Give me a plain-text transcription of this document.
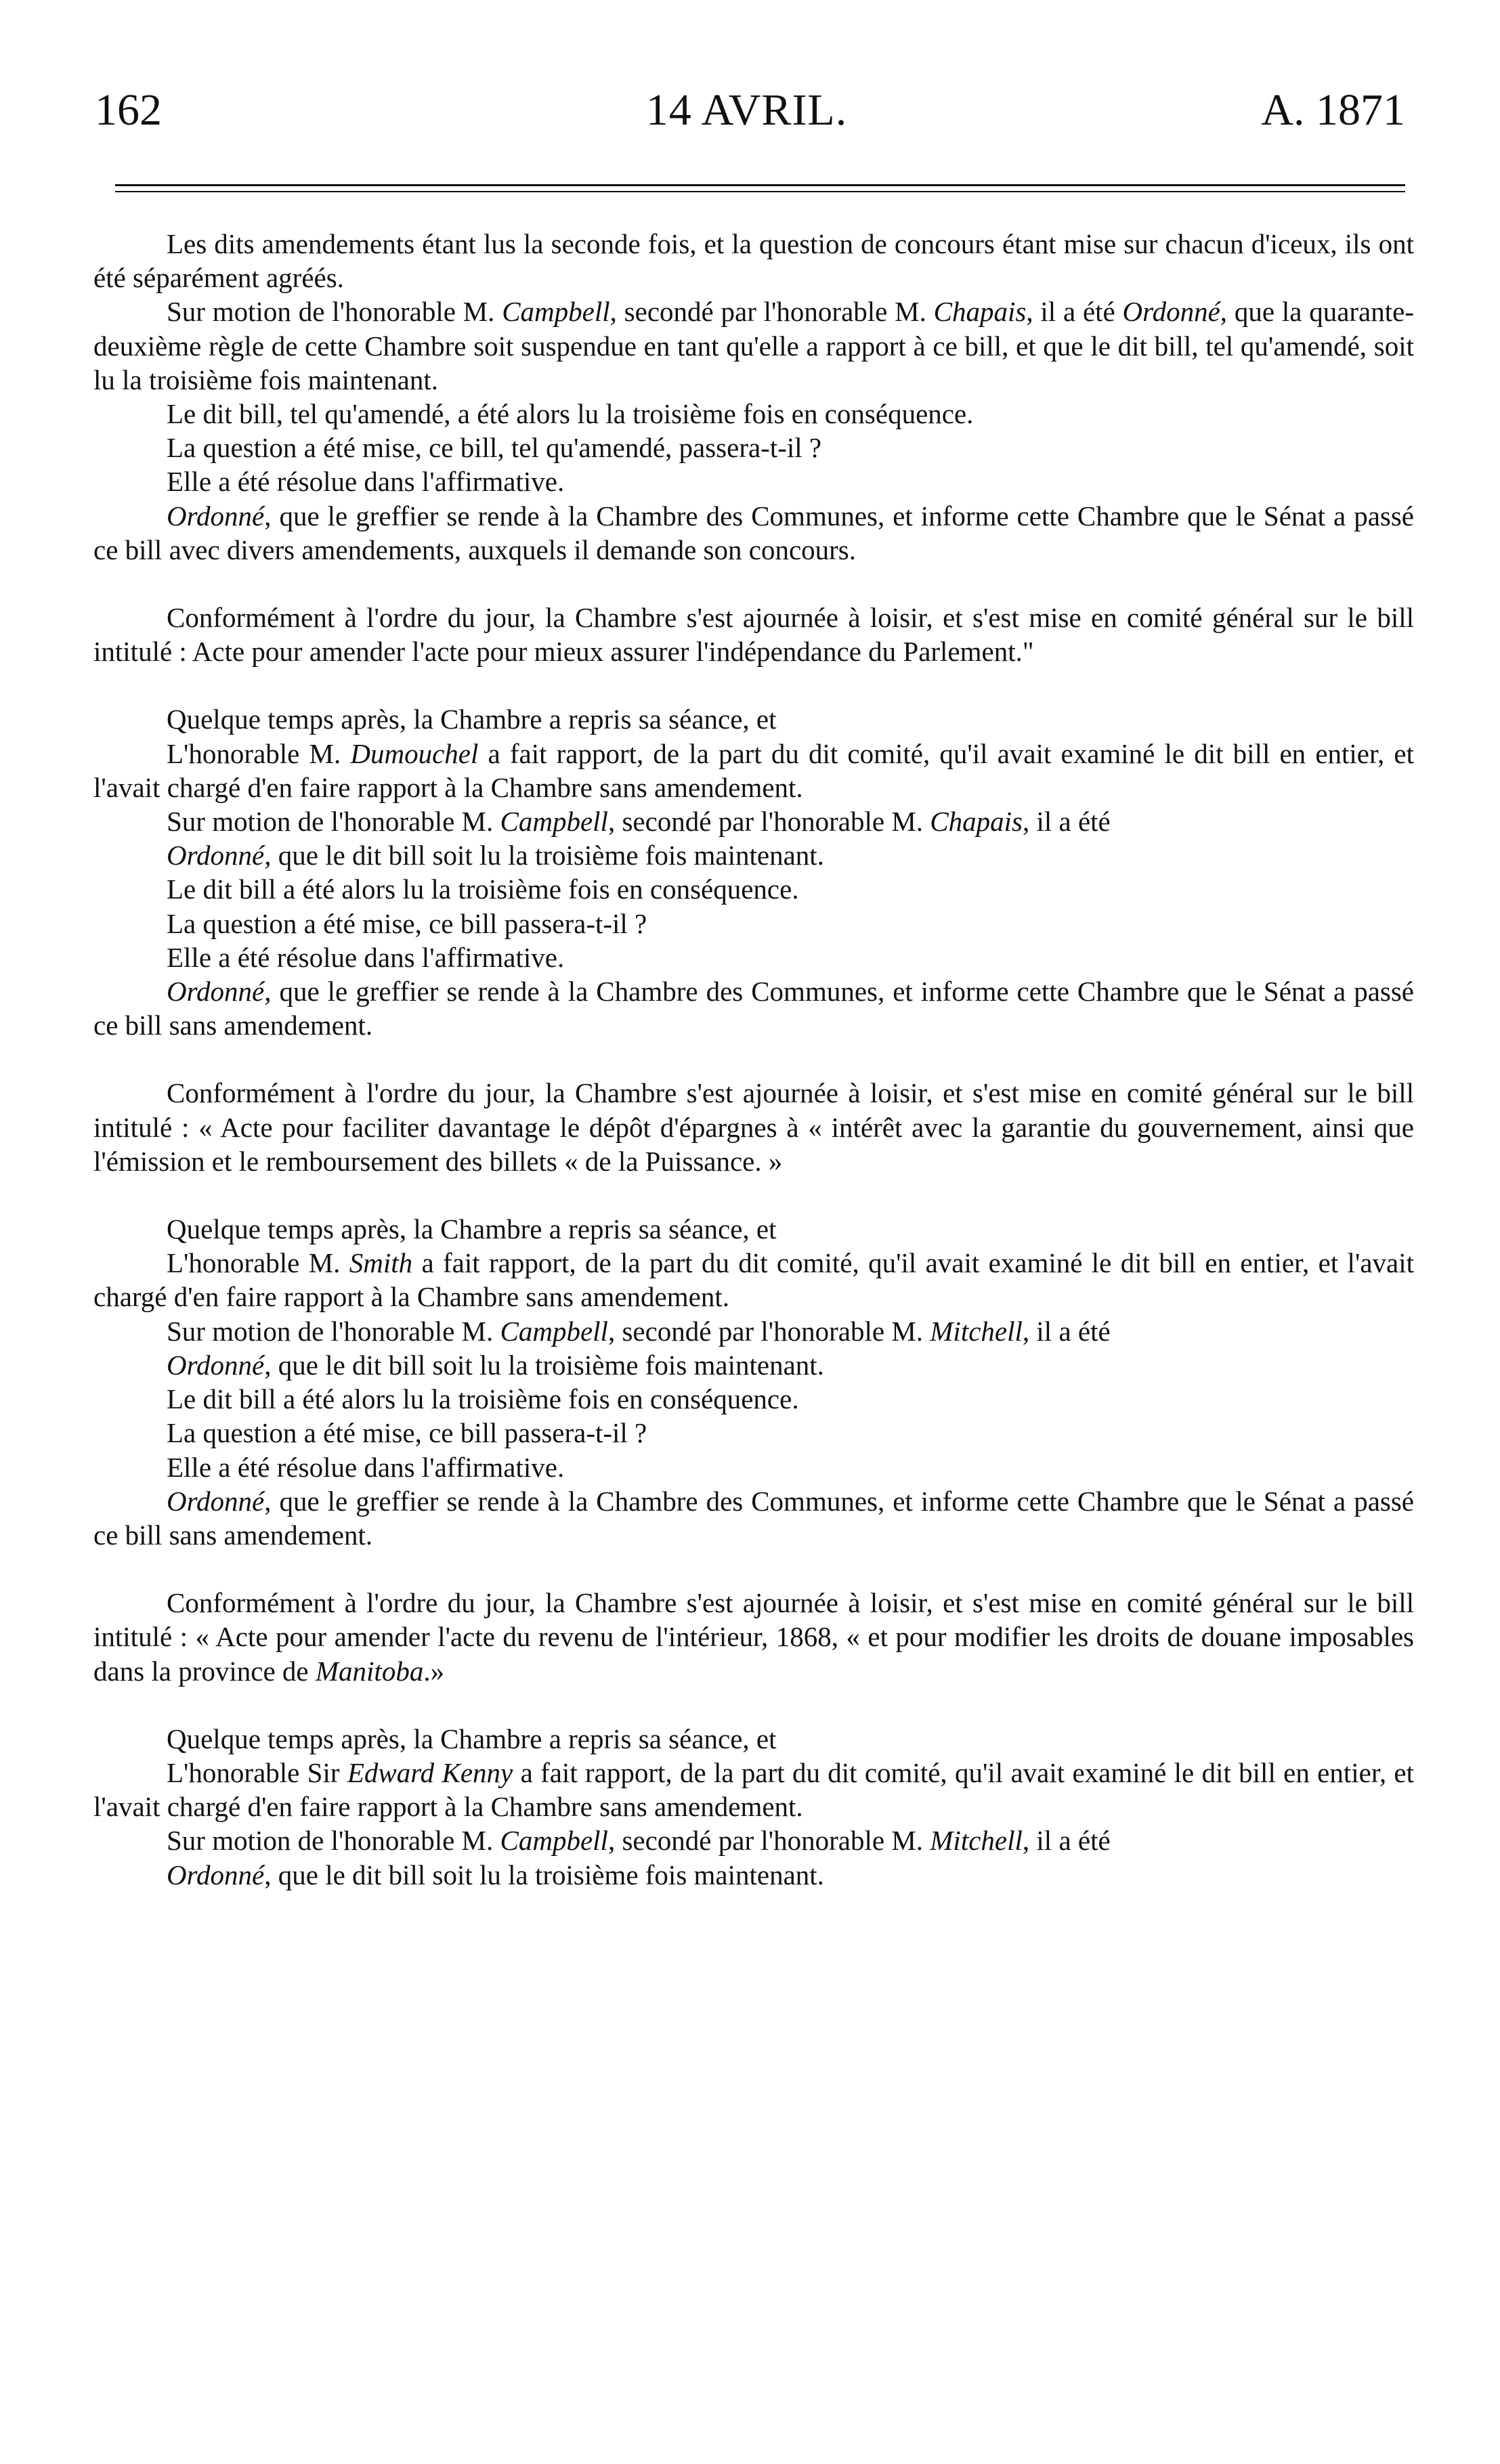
162	14 AVRIL.	A. 1871

Les dits amendements étant lus la seconde fois, et la question de concours étant mise sur chacun d'iceux, ils ont été séparément agréés.

Sur motion de l'honorable M. Campbell, secondé par l'honorable M. Chapais, il a été Ordonné, que la quarante-deuxième règle de cette Chambre soit suspendue en tant qu'elle a rapport à ce bill, et que le dit bill, tel qu'amendé, soit lu la troisième fois maintenant.

Le dit bill, tel qu'amendé, a été alors lu la troisième fois en conséquence.

La question a été mise, ce bill, tel qu'amendé, passera-t-il ?

Elle a été résolue dans l'affirmative.

Ordonné, que le greffier se rende à la Chambre des Communes, et informe cette Chambre que le Sénat a passé ce bill avec divers amendements, auxquels il demande son concours.

Conformément à l'ordre du jour, la Chambre s'est ajournée à loisir, et s'est mise en comité général sur le bill intitulé : Acte pour amender l'acte pour mieux assurer l'indépendance du Parlement."

Quelque temps après, la Chambre a repris sa séance, et

L'honorable M. Dumouchel a fait rapport, de la part du dit comité, qu'il avait examiné le dit bill en entier, et l'avait chargé d'en faire rapport à la Chambre sans amendement.

Sur motion de l'honorable M. Campbell, secondé par l'honorable M. Chapais, il a été

Ordonné, que le dit bill soit lu la troisième fois maintenant.

Le dit bill a été alors lu la troisième fois en conséquence.

La question a été mise, ce bill passera-t-il ?

Elle a été résolue dans l'affirmative.

Ordonné, que le greffier se rende à la Chambre des Communes, et informe cette Chambre que le Sénat a passé ce bill sans amendement.

Conformément à l'ordre du jour, la Chambre s'est ajournée à loisir, et s'est mise en comité général sur le bill intitulé : « Acte pour faciliter davantage le dépôt d'épargnes à « intérêt avec la garantie du gouvernement, ainsi que l'émission et le remboursement des billets « de la Puissance. »

Quelque temps après, la Chambre a repris sa séance, et

L'honorable M. Smith a fait rapport, de la part du dit comité, qu'il avait examiné le dit bill en entier, et l'avait chargé d'en faire rapport à la Chambre sans amendement.

Sur motion de l'honorable M. Campbell, secondé par l'honorable M. Mitchell, il a été

Ordonné, que le dit bill soit lu la troisième fois maintenant.

Le dit bill a été alors lu la troisième fois en conséquence.

La question a été mise, ce bill passera-t-il ?

Elle a été résolue dans l'affirmative.

Ordonné, que le greffier se rende à la Chambre des Communes, et informe cette Chambre que le Sénat a passé ce bill sans amendement.

Conformément à l'ordre du jour, la Chambre s'est ajournée à loisir, et s'est mise en comité général sur le bill intitulé : « Acte pour amender l'acte du revenu de l'intérieur, 1868, « et pour modifier les droits de douane imposables dans la province de Manitoba.»

Quelque temps après, la Chambre a repris sa séance, et

L'honorable Sir Edward Kenny a fait rapport, de la part du dit comité, qu'il avait examiné le dit bill en entier, et l'avait chargé d'en faire rapport à la Chambre sans amendement.

Sur motion de l'honorable M. Campbell, secondé par l'honorable M. Mitchell, il a été

Ordonné, que le dit bill soit lu la troisième fois maintenant.
